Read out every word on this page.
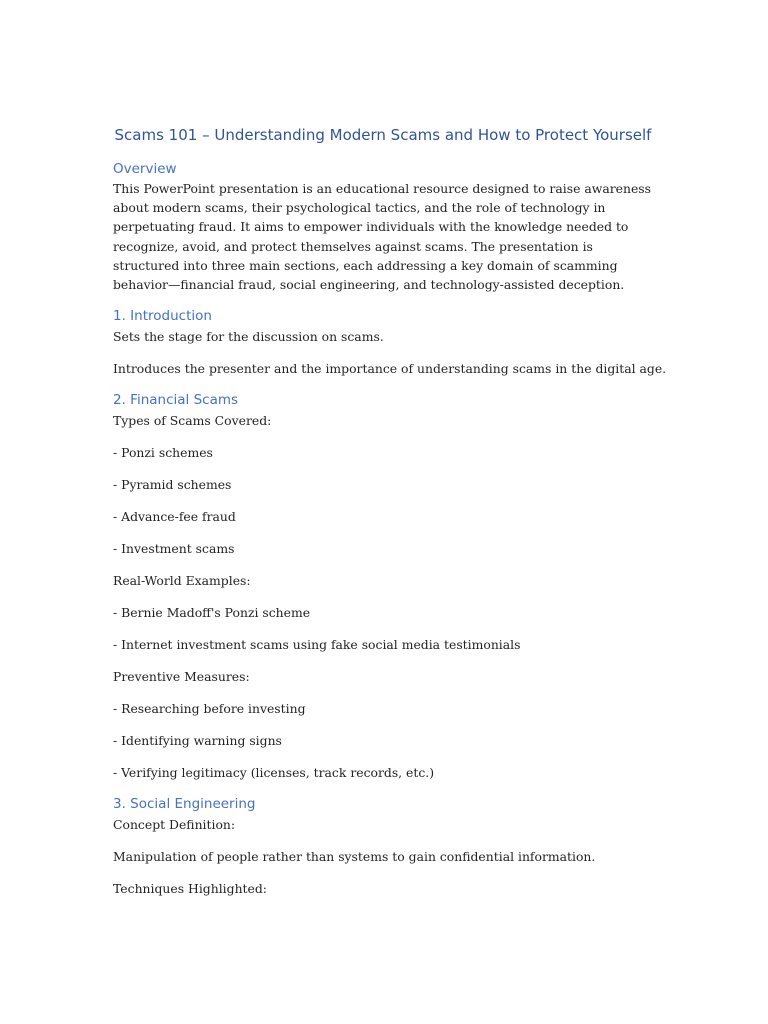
Scams 101 – Understanding Modern Scams and How to Protect Yourself
Overview

This PowerPoint presentation is an educational resource designed to raise awareness about modern scams, their psychological tactics, and the role of technology in perpetuating fraud. It aims to empower individuals with the knowledge needed to recognize, avoid, and protect themselves against scams. The presentation is structured into three main sections, each addressing a key domain of scamming behavior—financial fraud, social engineering, and technology-assisted deception.

1. Introduction

Sets the stage for the discussion on scams.

Introduces the presenter and the importance of understanding scams in the digital age.

2. Financial Scams

Types of Scams Covered:

- Ponzi schemes

- Pyramid schemes

- Advance-fee fraud

- Investment scams

Real-World Examples:

- Bernie Madoff's Ponzi scheme

- Internet investment scams using fake social media testimonials

Preventive Measures:

- Researching before investing

- Identifying warning signs

- Verifying legitimacy (licenses, track records, etc.)

3. Social Engineering

Concept Definition:

Manipulation of people rather than systems to gain confidential information.

Techniques Highlighted:
